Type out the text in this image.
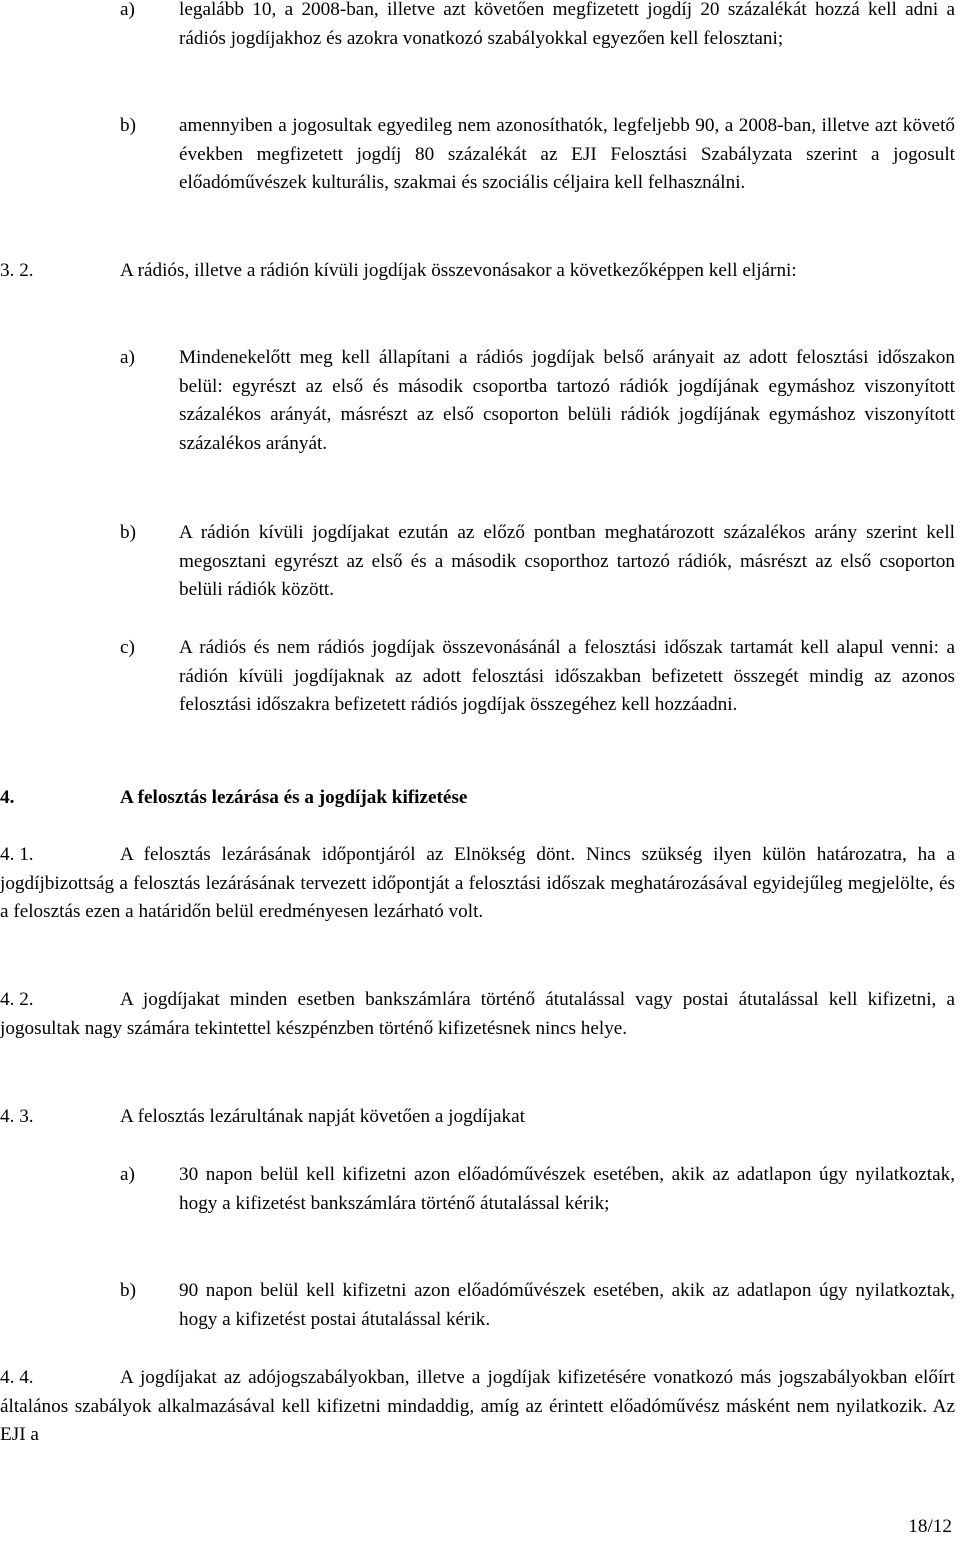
a) legalább 10, a 2008-ban, illetve azt követően megfizetett jogdíj 20 százalékát hozzá kell adni a rádiós jogdíjakhoz és azokra vonatkozó szabályokkal egyezően kell felosztani;
b) amennyiben a jogosultak egyedileg nem azonosíthatók, legfeljebb 90, a 2008-ban, illetve azt követő években megfizetett jogdíj 80 százalékát az EJI Felosztási Szabályzata szerint a jogosult előadóművészek kulturális, szakmai és szociális céljaira kell felhasználni.
3. 2.	A rádiós, illetve a rádión kívüli jogdíjak összevonásakor a következőképpen kell eljárni:
a) Mindenekelőtt meg kell állapítani a rádiós jogdíjak belső arányait az adott felosztási időszakon belül: egyrészt az első és második csoportba tartozó rádiók jogdíjának egymáshoz viszonyított százalékos arányát, másrészt az első csoporton belüli rádiók jogdíjának egymáshoz viszonyított százalékos arányát.
b) A rádión kívüli jogdíjakat ezután az előző pontban meghatározott százalékos arány szerint kell megosztani egyrészt az első és a második csoporthoz tartozó rádiók, másrészt az első csoporton belüli rádiók között.
c) A rádiós és nem rádiós jogdíjak összevonásánál a felosztási időszak tartamát kell alapul venni: a rádión kívüli jogdíjaknak az adott felosztási időszakban befizetett összegét mindig az azonos felosztási időszakra befizetett rádiós jogdíjak összegéhez kell hozzáadni.
4.	A felosztás lezárása és a jogdíjak kifizetése
4. 1.	A felosztás lezárásának időpontjáról az Elnökség dönt. Nincs szükség ilyen külön határozatra, ha a jogdíjbizottság a felosztás lezárásának tervezett időpontját a felosztási időszak meghatározásával egyidejűleg megjelölte, és a felosztás ezen a határidőn belül eredményesen lezárható volt.
4. 2.	A jogdíjakat minden esetben bankszámlára történő átutalással vagy postai átutalással kell kifizetni, a jogosultak nagy számára tekintettel készpénzben történő kifizetésnek nincs helye.
4. 3.	A felosztás lezárultának napját követően a jogdíjakat
a) 30 napon belül kell kifizetni azon előadóművészek esetében, akik az adatlapon úgy nyilatkoztak, hogy a kifizetést bankszámlára történő átutalással kérik;
b) 90 napon belül kell kifizetni azon előadóművészek esetében, akik az adatlapon úgy nyilatkoztak, hogy a kifizetést postai átutalással kérik.
4. 4.	A jogdíjakat az adójogszabályokban, illetve a jogdíjak kifizetésére vonatkozó más jogszabályokban előírt általános szabályok alkalmazásával kell kifizetni mindaddig, amíg az érintett előadóművész másként nem nyilatkozik. Az EJI a
18/12
